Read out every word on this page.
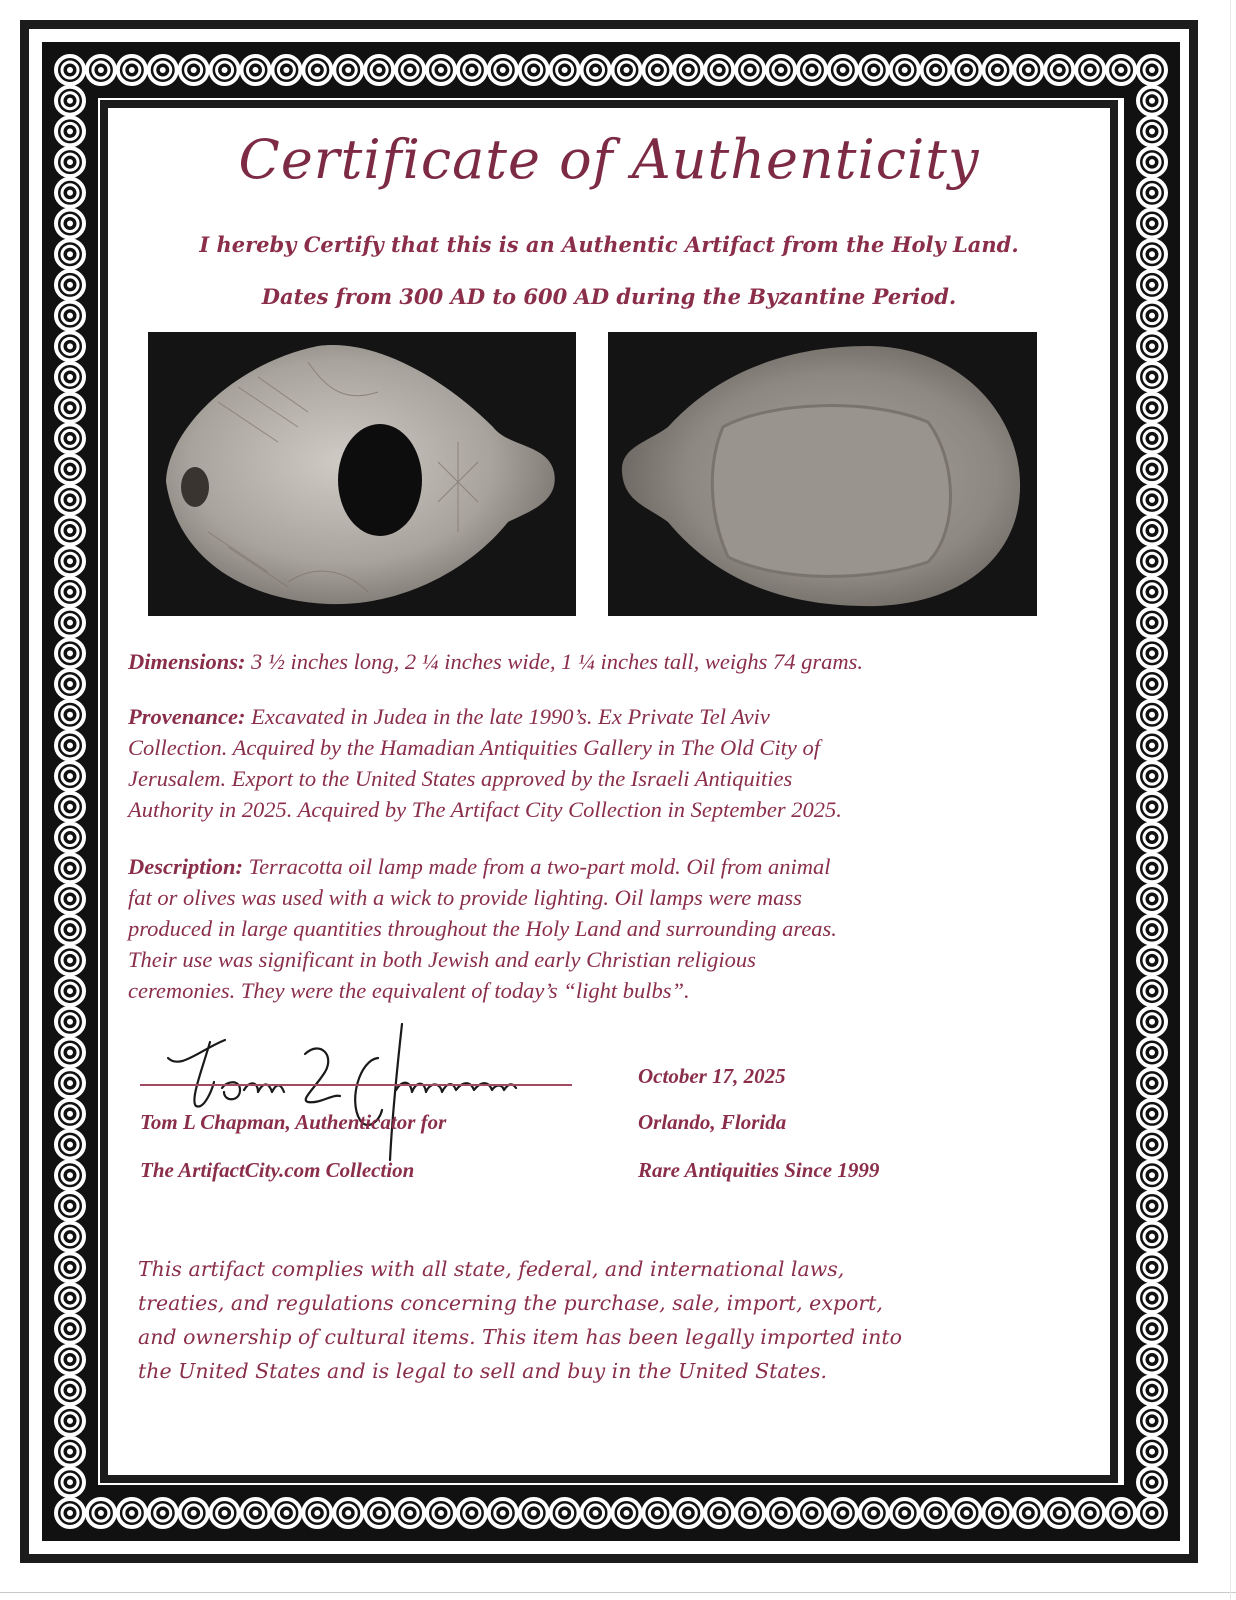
Certificate of Authenticity
I hereby Certify that this is an Authentic Artifact from the Holy Land.
Dates from 300 AD to 600 AD during the Byzantine Period.
Dimensions: 3 ½ inches long, 2 ¼ inches wide, 1 ¼ inches tall, weighs 74 grams.
Provenance: Excavated in Judea in the late 1990’s. Ex Private Tel Aviv
Collection. Acquired by the Hamadian Antiquities Gallery in The Old City of
Jerusalem. Export to the United States approved by the Israeli Antiquities
Authority in 2025. Acquired by The Artifact City Collection in September 2025.
Description: Terracotta oil lamp made from a two-part mold. Oil from animal
fat or olives was used with a wick to provide lighting. Oil lamps were mass
produced in large quantities throughout the Holy Land and surrounding areas.
Their use was significant in both Jewish and early Christian religious
ceremonies. They were the equivalent of today’s “light bulbs”.
Tom L Chapman, Authenticator for
The ArtifactCity.com Collection
October 17, 2025
Orlando, Florida
Rare Antiquities Since 1999
This artifact complies with all state, federal, and international laws,
treaties, and regulations concerning the purchase, sale, import, export,
and ownership of cultural items. This item has been legally imported into
the United States and is legal to sell and buy in the United States.
